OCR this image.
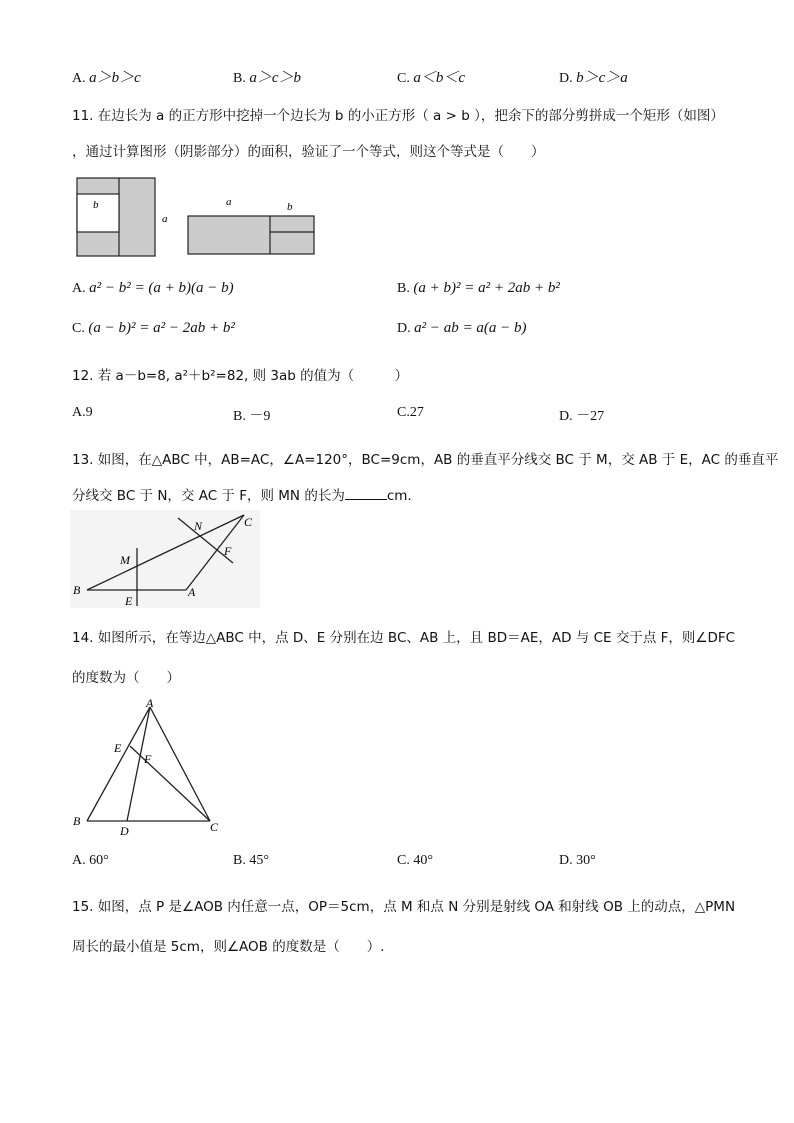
A. a＞b＞c	B. a＞c＞b	C. a＜b＜c	D. b＞c＞a
11. 在边长为 a 的正方形中挖掉一个边长为 b 的小正方形（ a > b ），把余下的部分剪拼成一个矩形（如图）
，通过计算图形（阴影部分）的面积，验证了一个等式，则这个等式是（　　）
b
a
a	b
A. a² − b² = (a + b)(a − b)	B. (a + b)² = a² + 2ab + b²
C. (a − b)² = a² − 2ab + b²	D. a² − ab = a(a − b)
12. 若 a－b=8, a²＋b²=82, 则 3ab 的值为（　　　）
A.9	B. －9	C.27	D. －27
13. 如图，在△ABC 中，AB=AC，∠A=120°，BC=9cm，AB 的垂直平分线交 BC 于 M，交 AB 于 E，AC 的垂直平
分线交 BC 于 N，交 AC 于 F，则 MN 的长为	cm.
N	C
M
F
B
E
A
14. 如图所示，在等边△ABC 中，点 D、E 分别在边 BC、AB 上，且 BD＝AE，AD 与 CE 交于点 F，则∠DFC
的度数为（　　）
A
E
F
B
D	C
A. 60°	B. 45°	C. 40°	D. 30°
15. 如图，点 P 是∠AOB 内任意一点，OP＝5cm，点 M 和点 N 分别是射线 OA 和射线 OB 上的动点，△PMN
周长的最小值是 5cm，则∠AOB 的度数是（　　）.
